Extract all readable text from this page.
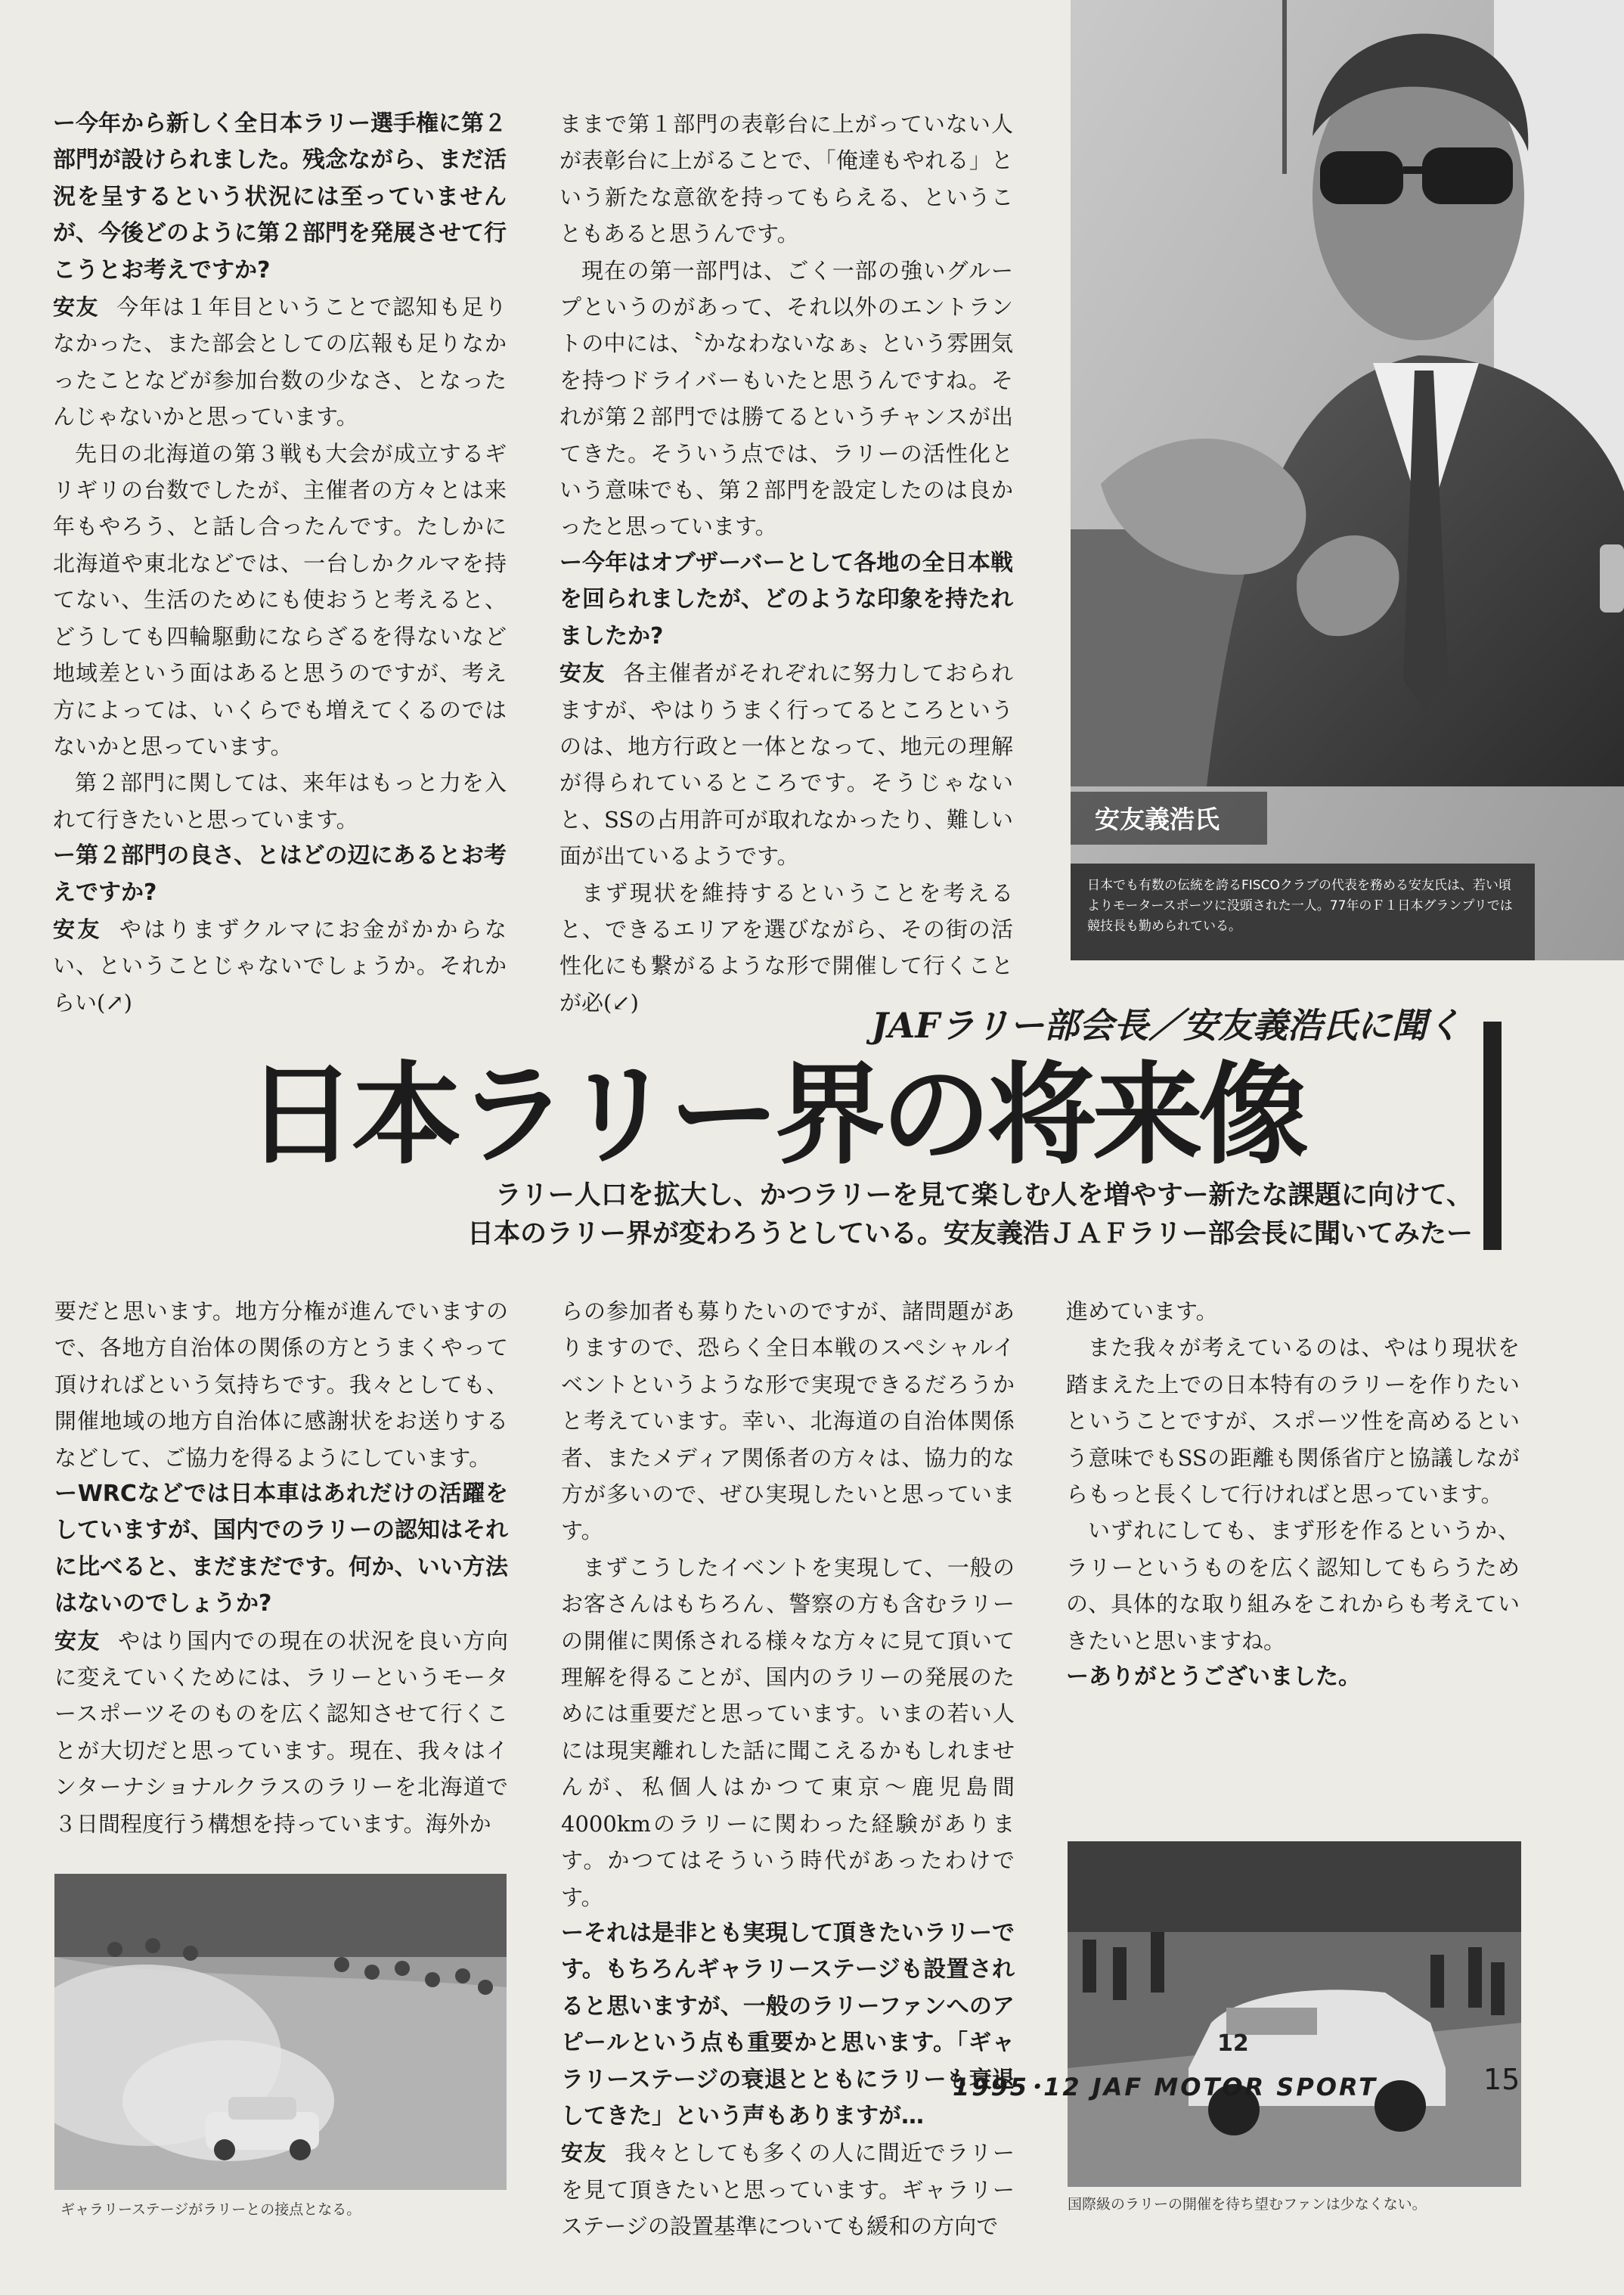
ー今年から新しく全日本ラリー選手権に第２部門が設けられました。残念ながら、まだ活況を呈するという状況には至っていませんが、今後どのように第２部門を発展させて行こうとお考えですか?

安友 今年は１年目ということで認知も足りなかった、また部会としての広報も足りなかったことなどが参加台数の少なさ、となったんじゃないかと思っています。

先日の北海道の第３戦も大会が成立するギリギリの台数でしたが、主催者の方々とは来年もやろう、と話し合ったんです。たしかに北海道や東北などでは、一台しかクルマを持てない、生活のためにも使おうと考えると、どうしても四輪駆動にならざるを得ないなど地域差という面はあると思うのですが、考え方によっては、いくらでも増えてくるのではないかと思っています。

第２部門に関しては、来年はもっと力を入れて行きたいと思っています。

ー第２部門の良さ、とはどの辺にあるとお考えですか?

安友 やはりまずクルマにお金がかからない、ということじゃないでしょうか。それからい(↗)

ままで第１部門の表彰台に上がっていない人が表彰台に上がることで、「俺達もやれる」という新たな意欲を持ってもらえる、ということもあると思うんです。

現在の第一部門は、ごく一部の強いグループというのがあって、それ以外のエントラントの中には、〝かなわないなぁ〟という雰囲気を持つドライバーもいたと思うんですね。それが第２部門では勝てるというチャンスが出てきた。そういう点では、ラリーの活性化という意味でも、第２部門を設定したのは良かったと思っています。

ー今年はオブザーバーとして各地の全日本戦を回られましたが、どのような印象を持たれましたか?

安友 各主催者がそれぞれに努力しておられますが、やはりうまく行ってるところというのは、地方行政と一体となって、地元の理解が得られているところです。そうじゃないと、SSの占用許可が取れなかったり、難しい面が出ているようです。

まず現状を維持するということを考えると、できるエリアを選びながら、その街の活性化にも繋がるような形で開催して行くことが必(↙)

安友義浩氏
日本でも有数の伝統を誇るFISCOクラブの代表を務める安友氏は、若い頃よりモータースポーツに没頭された一人。77年のＦ１日本グランプリでは競技長も勤められている。
JAFラリー部会長／安友義浩氏に聞く
日本ラリー界の将来像
ラリー人口を拡大し、かつラリーを見て楽しむ人を増やすー新たな課題に向けて、
日本のラリー界が変わろうとしている。安友義浩ＪＡＦラリー部会長に聞いてみたー

要だと思います。地方分権が進んでいますので、各地方自治体の関係の方とうまくやって頂ければという気持ちです。我々としても、開催地域の地方自治体に感謝状をお送りするなどして、ご協力を得るようにしています。

ーWRCなどでは日本車はあれだけの活躍をしていますが、国内でのラリーの認知はそれに比べると、まだまだです。何か、いい方法はないのでしょうか?

安友 やはり国内での現在の状況を良い方向に変えていくためには、ラリーというモータースポーツそのものを広く認知させて行くことが大切だと思っています。現在、我々はインターナショナルクラスのラリーを北海道で３日間程度行う構想を持っています。海外か

らの参加者も募りたいのですが、諸問題がありますので、恐らく全日本戦のスペシャルイベントというような形で実現できるだろうかと考えています。幸い、北海道の自治体関係者、またメディア関係者の方々は、協力的な方が多いので、ぜひ実現したいと思っています。

まずこうしたイベントを実現して、一般のお客さんはもちろん、警察の方も含むラリーの開催に関係される様々な方々に見て頂いて理解を得ることが、国内のラリーの発展のためには重要だと思っています。いまの若い人には現実離れした話に聞こえるかもしれませんが、私個人はかつて東京〜鹿児島間4000kmのラリーに関わった経験があります。かつてはそういう時代があったわけです。

ーそれは是非とも実現して頂きたいラリーです。もちろんギャラリーステージも設置されると思いますが、一般のラリーファンへのアピールという点も重要かと思います。「ギャラリーステージの衰退とともにラリーも衰退してきた」という声もありますが…

安友 我々としても多くの人に間近でラリーを見て頂きたいと思っています。ギャラリーステージの設置基準についても緩和の方向で

進めています。

また我々が考えているのは、やはり現状を踏まえた上での日本特有のラリーを作りたいということですが、スポーツ性を高めるという意味でもSSの距離も関係省庁と協議しながらもっと長くして行ければと思っています。

いずれにしても、まず形を作るというか、ラリーというものを広く認知してもらうための、具体的な取り組みをこれからも考えていきたいと思いますね。

ーありがとうございました。

ギャラリーステージがラリーとの接点となる。
12
国際級のラリーの開催を待ち望むファンは少なくない。
1995･12 JAF MOTOR SPORT	15
